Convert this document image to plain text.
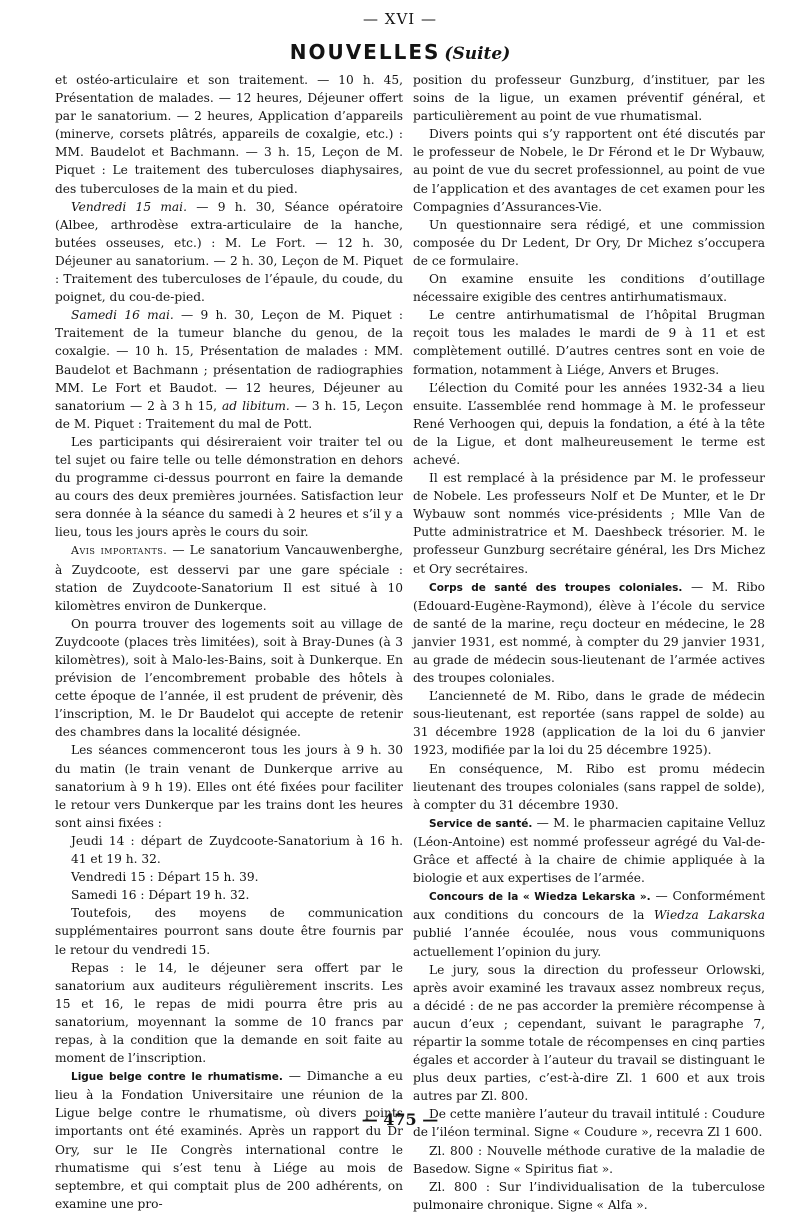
— XVI —
NOUVELLES (Suite)

et ostéo-articulaire et son traitement. — 10 h. 45, Présentation de malades. — 12 heures, Déjeuner offert par le sanatorium. — 2 heures, Application d’appareils (minerve, corsets plâtrés, appareils de coxalgie, etc.) : MM. Baudelot et Bachmann. — 3 h. 15, Leçon de M. Piquet : Le traitement des tuberculoses diaphysaires, des tuberculoses de la main et du pied.

Vendredi 15 mai. — 9 h. 30, Séance opératoire (Albee, arthrodèse extra-articulaire de la hanche, butées osseuses, etc.) : M. Le Fort. — 12 h. 30, Déjeuner au sanatorium. — 2 h. 30, Leçon de M. Piquet : Traitement des tuberculoses de l’épaule, du coude, du poignet, du cou-de-pied.

Samedi 16 mai. — 9 h. 30, Leçon de M. Piquet : Traitement de la tumeur blanche du genou, de la coxalgie. — 10 h. 15, Présentation de malades : MM. Baudelot et Bachmann ; présentation de radiographies MM. Le Fort et Baudot. — 12 heures, Déjeuner au sanatorium — 2 à 3 h 15, ad libitum. — 3 h. 15, Leçon de M. Piquet : Traitement du mal de Pott.

Les participants qui désireraient voir traiter tel ou tel sujet ou faire telle ou telle démonstration en dehors du programme ci-dessus pourront en faire la demande au cours des deux premières journées. Satisfaction leur sera donnée à la séance du samedi à 2 heures et s’il y a lieu, tous les jours après le cours du soir.

Avis importants. — Le sanatorium Vancauwenberghe, à Zuydcoote, est desservi par une gare spéciale : station de Zuydcoote-Sanatorium Il est situé à 10 kilomètres environ de Dunkerque.

On pourra trouver des logements soit au village de Zuydcoote (places très limitées), soit à Bray-Dunes (à 3 kilomètres), soit à Malo-les-Bains, soit à Dunkerque. En prévision de l’encombrement probable des hôtels à cette époque de l’année, il est prudent de prévenir, dès l’inscription, M. le Dr Baudelot qui accepte de retenir des chambres dans la localité désignée.

Les séances commenceront tous les jours à 9 h. 30 du matin (le train venant de Dunkerque arrive au sanatorium à 9 h 19). Elles ont été fixées pour faciliter le retour vers Dunkerque par les trains dont les heures sont ainsi fixées :

Jeudi 14 : départ de Zuydcoote-Sanatorium à 16 h. 41 et 19 h. 32.

Vendredi 15 : Départ 15 h. 39.

Samedi 16 : Départ 19 h. 32.

Toutefois, des moyens de communication supplémentaires pourront sans doute être fournis par le retour du vendredi 15.

Repas : le 14, le déjeuner sera offert par le sanatorium aux auditeurs régulièrement inscrits. Les 15 et 16, le repas de midi pourra être pris au sanatorium, moyennant la somme de 10 francs par repas, à la condition que la demande en soit faite au moment de l’inscription.

Ligue belge contre le rhumatisme. — Dimanche a eu lieu à la Fondation Universitaire une réunion de la Ligue belge contre le rhumatisme, où divers points importants ont été examinés. Après un rapport du Dr Ory, sur le IIe Congrès international contre le rhumatisme qui s’est tenu à Liége au mois de septembre, et qui comptait plus de 200 adhérents, on examine une pro-

position du professeur Gunzburg, d’instituer, par les soins de la ligue, un examen préventif général, et particulièrement au point de vue rhumatismal.

Divers points qui s’y rapportent ont été discutés par le professeur de Nobele, le Dr Férond et le Dr Wybauw, au point de vue du secret professionnel, au point de vue de l’application et des avantages de cet examen pour les Compagnies d’Assurances-Vie.

Un questionnaire sera rédigé, et une commission composée du Dr Ledent, Dr Ory, Dr Michez s’occupera de ce formulaire.

On examine ensuite les conditions d’outillage nécessaire exigible des centres antirhumatismaux.

Le centre antirhumatismal de l’hôpital Brugman reçoit tous les malades le mardi de 9 à 11 et est complètement outillé. D’autres centres sont en voie de formation, notamment à Liége, Anvers et Bruges.

L’élection du Comité pour les années 1932-34 a lieu ensuite. L’assemblée rend hommage à M. le professeur René Verhoogen qui, depuis la fondation, a été à la tête de la Ligue, et dont malheureusement le terme est achevé.

Il est remplacé à la présidence par M. le professeur de Nobele. Les professeurs Nolf et De Munter, et le Dr Wybauw sont nommés vice-présidents ; Mlle Van de Putte administratrice et M. Daeshbeck trésorier. M. le professeur Gunzburg secrétaire général, les Drs Michez et Ory secrétaires.

Corps de santé des troupes coloniales. — M. Ribo (Edouard-Eugène-Raymond), élève à l’école du service de santé de la marine, reçu docteur en médecine, le 28 janvier 1931, est nommé, à compter du 29 janvier 1931, au grade de médecin sous-lieutenant de l’armée actives des troupes coloniales.

L’ancienneté de M. Ribo, dans le grade de médecin sous-lieutenant, est reportée (sans rappel de solde) au 31 décembre 1928 (application de la loi du 6 janvier 1923, modifiée par la loi du 25 décembre 1925).

En conséquence, M. Ribo est promu médecin lieutenant des troupes coloniales (sans rappel de solde), à compter du 31 décembre 1930.

Service de santé. — M. le pharmacien capitaine Velluz (Léon-Antoine) est nommé professeur agrégé du Val-de-Grâce et affecté à la chaire de chimie appliquée à la biologie et aux expertises de l’armée.

Concours de la « Wiedza Lekarska ». — Conformément aux conditions du concours de la Wiedza Lakarska publié l’année écoulée, nous vous communiquons actuellement l’opinion du jury.

Le jury, sous la direction du professeur Orlowski, après avoir examiné les travaux assez nombreux reçus, a décidé : de ne pas accorder la première récompense à aucun d’eux ; cependant, suivant le paragraphe 7, répartir la somme totale de récompenses en cinq parties égales et accorder à l’auteur du travail se distinguant le plus deux parties, c’est-à-dire Zl. 1 600 et aux trois autres par Zl. 800.

De cette manière l’auteur du travail intitulé : Coudure de l’iléon terminal. Signe « Coudure », recevra Zl 1 600.

Zl. 800 : Nouvelle méthode curative de la maladie de Basedow. Signe « Spiritus fiat ».

Zl. 800 : Sur l’individualisation de la tuberculose pulmonaire chronique. Signe « Alfa ».

— 475 —
